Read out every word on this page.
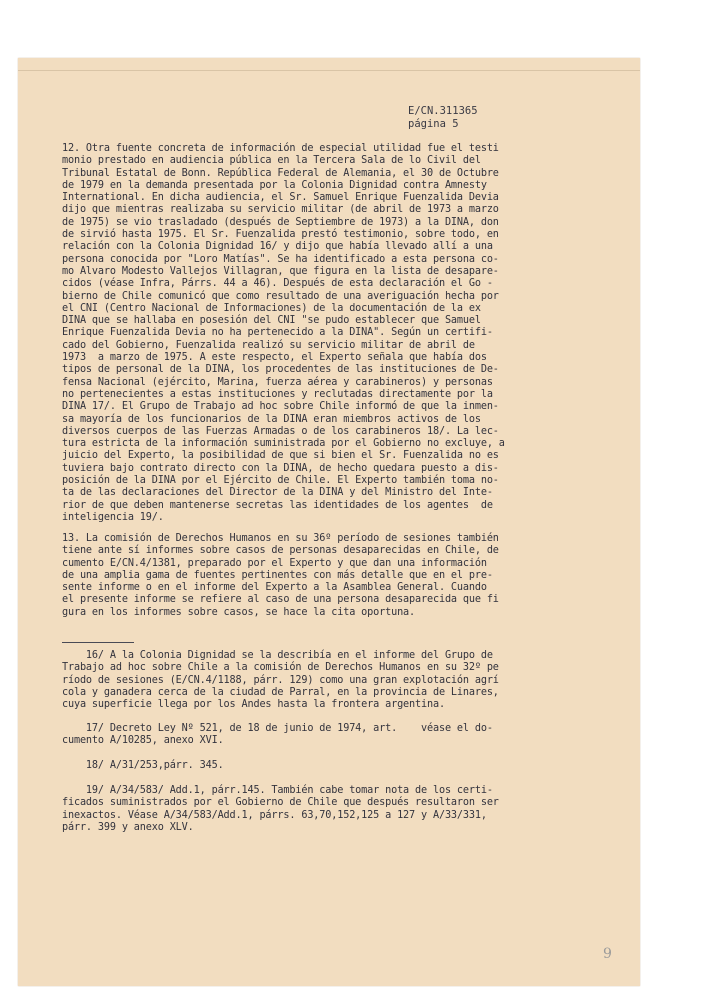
E/CN.311365
página 5
12. Otra fuente concreta de información de especial utilidad fue el testi
monio prestado en audiencia pública en la Tercera Sala de lo Civil del
Tribunal Estatal de Bonn. República Federal de Alemania, el 30 de Octubre
de 1979 en la demanda presentada por la Colonia Dignidad contra Amnesty
International. En dicha audiencia, el Sr. Samuel Enrique Fuenzalida Devia
dijo que mientras realizaba su servicio militar (de abril de 1973 a marzo
de 1975) se vio trasladado (después de Septiembre de 1973) a la DINA, don
de sirvió hasta 1975. El Sr. Fuenzalida prestó testimonio, sobre todo, en
relación con la Colonia Dignidad 16/ y dijo que había llevado allí a una
persona conocida por "Loro Matías". Se ha identificado a esta persona co-
mo Alvaro Modesto Vallejos Villagran, que figura en la lista de desapare-
cidos (véase Infra, Párrs. 44 a 46). Después de esta declaración el Go -
bierno de Chile comunicó que como resultado de una averiguación hecha por
el CNI (Centro Nacional de Informaciones) de la documentación de la ex
DINA que se hallaba en posesión del CNI "se pudo establecer que Samuel
Enrique Fuenzalida Devia no ha pertenecido a la DINA". Según un certifi-
cado del Gobierno, Fuenzalida realizó su servicio militar de abril de
1973  a marzo de 1975. A este respecto, el Experto señala que había dos
tipos de personal de la DINA, los procedentes de las instituciones de De-
fensa Nacional (ejército, Marina, fuerza aérea y carabineros) y personas
no pertenecientes a estas instituciones y reclutadas directamente por la
DINA 17/. El Grupo de Trabajo ad hoc sobre Chile informó de que la inmen-
sa mayoría de los funcionarios de la DINA eran miembros activos de los
diversos cuerpos de las Fuerzas Armadas o de los carabineros 18/. La lec-
tura estricta de la información suministrada por el Gobierno no excluye, a
juicio del Experto, la posibilidad de que si bien el Sr. Fuenzalida no es
tuviera bajo contrato directo con la DINA, de hecho quedara puesto a dis-
posición de la DINA por el Ejército de Chile. El Experto también toma no-
ta de las declaraciones del Director de la DINA y del Ministro del Inte-
rior de que deben mantenerse secretas las identidades de los agentes  de
inteligencia 19/.
13. La comisión de Derechos Humanos en su 36º período de sesiones también
tiene ante sí informes sobre casos de personas desaparecidas en Chile, de
cumento E/CN.4/1381, preparado por el Experto y que dan una información
de una amplia gama de fuentes pertinentes con más detalle que en el pre-
sente informe o en el informe del Experto a la Asamblea General. Cuando
el presente informe se refiere al caso de una persona desaparecida que fi
gura en los informes sobre casos, se hace la cita oportuna.
16/ A la Colonia Dignidad se la describía en el informe del Grupo de
Trabajo ad hoc sobre Chile a la comisión de Derechos Humanos en su 32º pe
ríodo de sesiones (E/CN.4/1188, párr. 129) como una gran explotación agrí
cola y ganadera cerca de la ciudad de Parral, en la provincia de Linares,
cuya superficie llega por los Andes hasta la frontera argentina.
17/ Decreto Ley Nº 521, de 18 de junio de 1974, art.    véase el do-
cumento A/10285, anexo XVI.
18/ A/31/253,párr. 345.
19/ A/34/583/ Add.1, párr.145. También cabe tomar nota de los certi-
ficados suministrados por el Gobierno de Chile que después resultaron ser
inexactos. Véase A/34/583/Add.1, párrs. 63,70,152,125 a 127 y A/33/331,
párr. 399 y anexo XLV.
9
